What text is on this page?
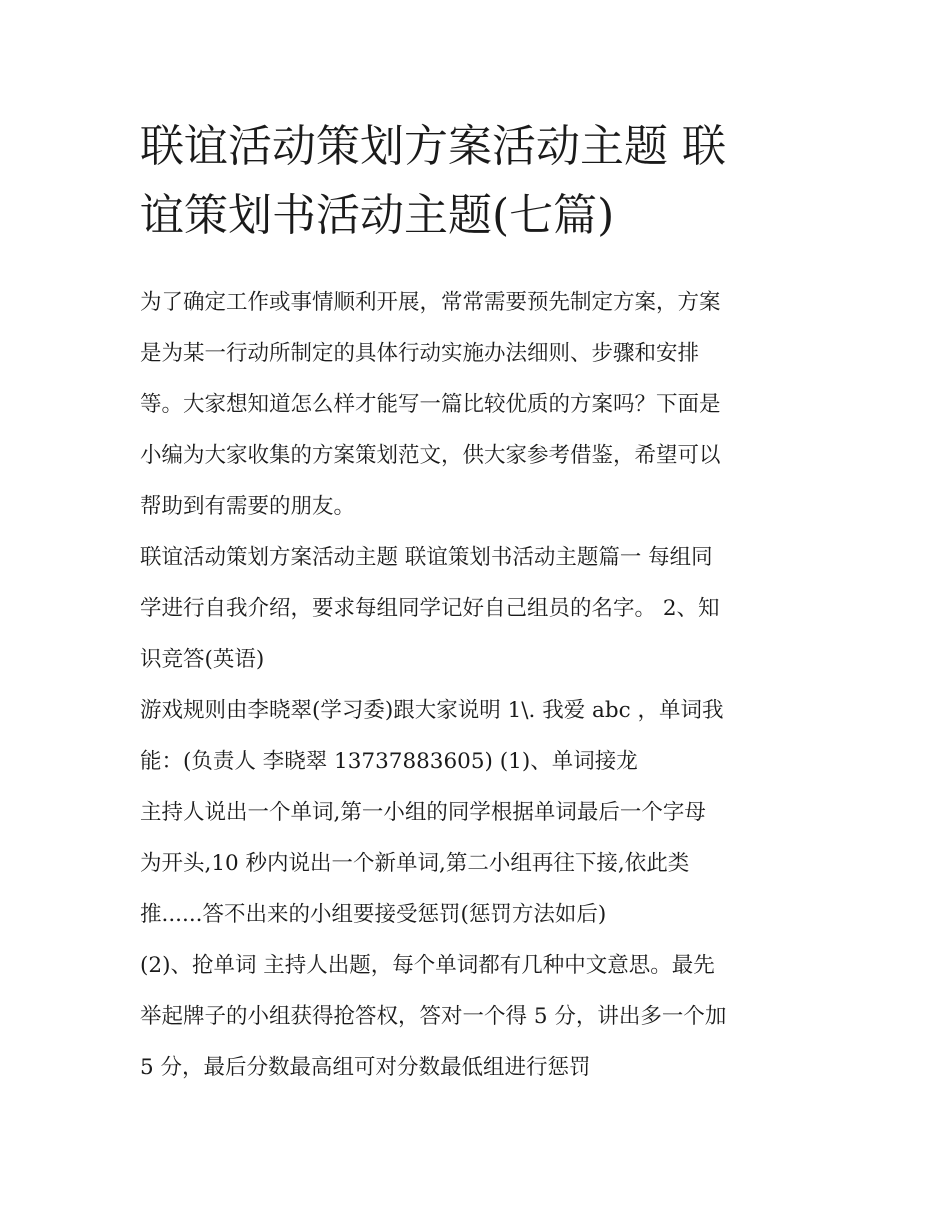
联谊活动策划方案活动主题 联
谊策划书活动主题(七篇)
为了确定工作或事情顺利开展，常常需要预先制定方案，方案
是为某一行动所制定的具体行动实施办法细则、步骤和安排
等。大家想知道怎么样才能写一篇比较优质的方案吗？下面是
小编为大家收集的方案策划范文，供大家参考借鉴，希望可以
帮助到有需要的朋友。
联谊活动策划方案活动主题 联谊策划书活动主题篇一 每组同
学进行自我介绍，要求每组同学记好自己组员的名字。 2、知
识竞答(英语)
游戏规则由李晓翠(学习委)跟大家说明 1\. 我爱 abc ，单词我
能：(负责人 李晓翠 13737883605) (1)、单词接龙
主持人说出一个单词,第一小组的同学根据单词最后一个字母
为开头,10 秒内说出一个新单词,第二小组再往下接,依此类
推......答不出来的小组要接受惩罚(惩罚方法如后)
(2)、抢单词 主持人出题，每个单词都有几种中文意思。最先
举起牌子的小组获得抢答权，答对一个得 5 分，讲出多一个加
5 分，最后分数最高组可对分数最低组进行惩罚
